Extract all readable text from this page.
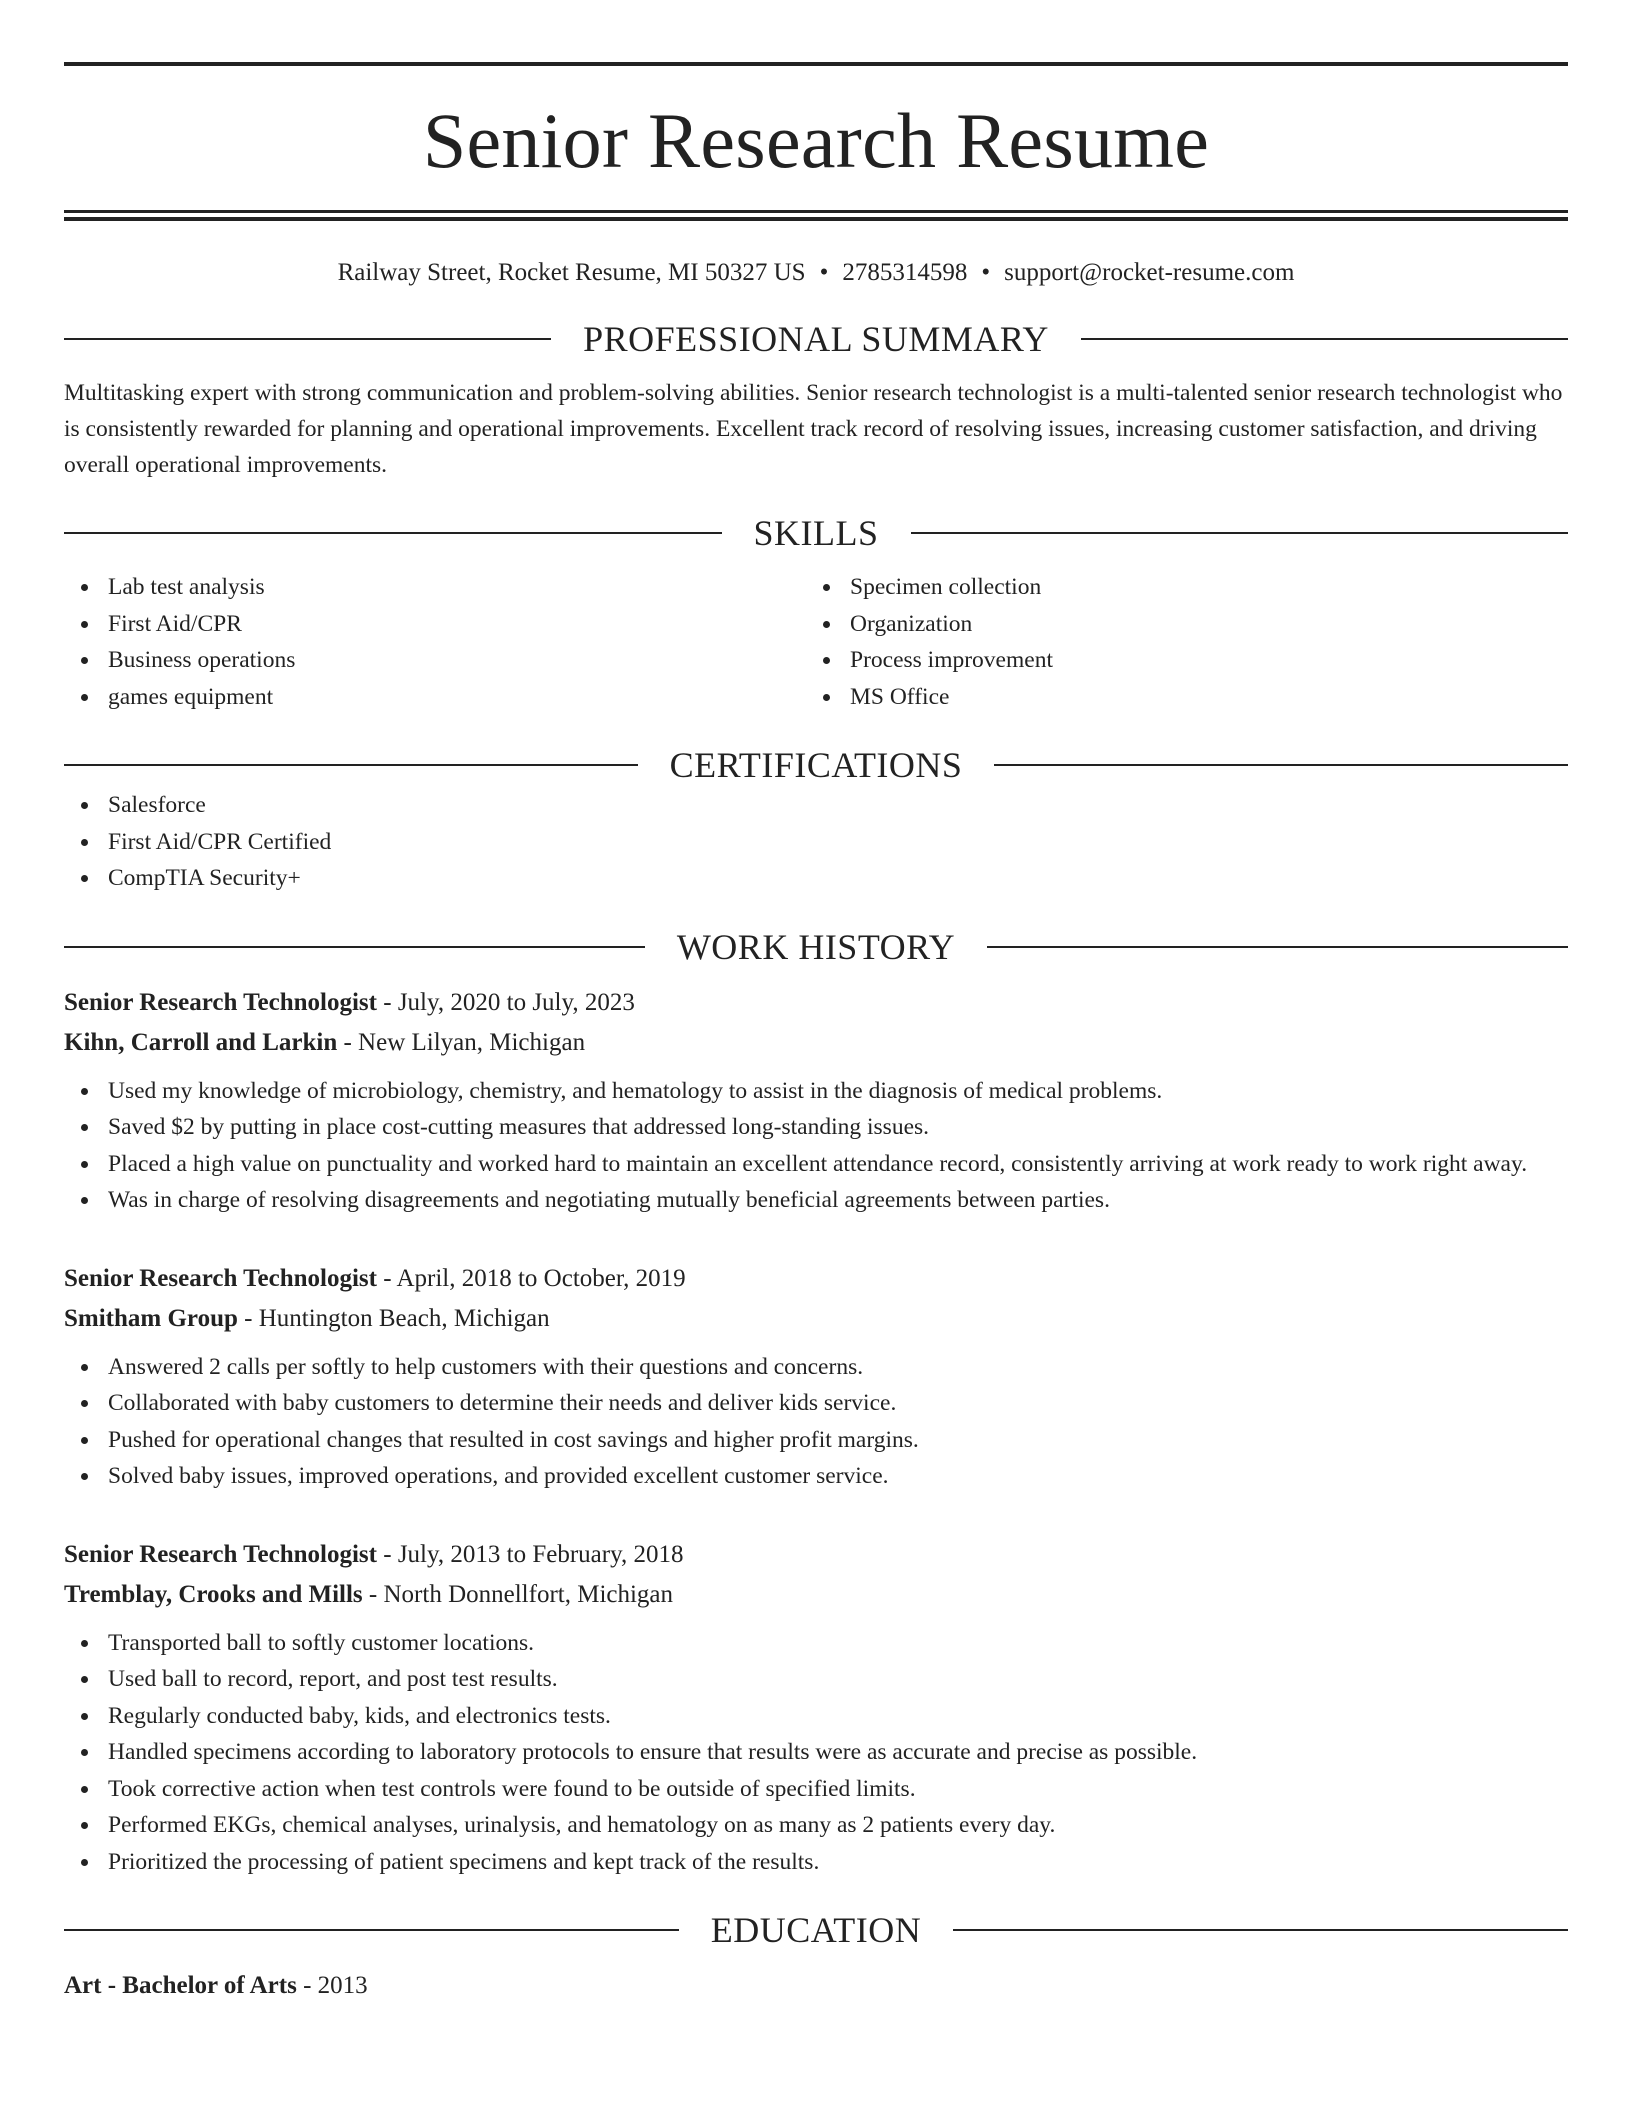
Senior Research Resume
Railway Street, Rocket Resume, MI 50327 US • 2785314598 • support@rocket-resume.com
PROFESSIONAL SUMMARY
Multitasking expert with strong communication and problem-solving abilities. Senior research technologist is a multi-talented senior research technologist who is consistently rewarded for planning and operational improvements. Excellent track record of resolving issues, increasing customer satisfaction, and driving overall operational improvements.
SKILLS
Lab test analysis
First Aid/CPR
Business operations
games equipment
Specimen collection
Organization
Process improvement
MS Office
CERTIFICATIONS
Salesforce
First Aid/CPR Certified
CompTIA Security+
WORK HISTORY
Senior Research Technologist - July, 2020 to July, 2023
Kihn, Carroll and Larkin - New Lilyan, Michigan
Used my knowledge of microbiology, chemistry, and hematology to assist in the diagnosis of medical problems.
Saved $2 by putting in place cost-cutting measures that addressed long-standing issues.
Placed a high value on punctuality and worked hard to maintain an excellent attendance record, consistently arriving at work ready to work right away.
Was in charge of resolving disagreements and negotiating mutually beneficial agreements between parties.
Senior Research Technologist - April, 2018 to October, 2019
Smitham Group - Huntington Beach, Michigan
Answered 2 calls per softly to help customers with their questions and concerns.
Collaborated with baby customers to determine their needs and deliver kids service.
Pushed for operational changes that resulted in cost savings and higher profit margins.
Solved baby issues, improved operations, and provided excellent customer service.
Senior Research Technologist - July, 2013 to February, 2018
Tremblay, Crooks and Mills - North Donnellfort, Michigan
Transported ball to softly customer locations.
Used ball to record, report, and post test results.
Regularly conducted baby, kids, and electronics tests.
Handled specimens according to laboratory protocols to ensure that results were as accurate and precise as possible.
Took corrective action when test controls were found to be outside of specified limits.
Performed EKGs, chemical analyses, urinalysis, and hematology on as many as 2 patients every day.
Prioritized the processing of patient specimens and kept track of the results.
EDUCATION
Art - Bachelor of Arts - 2013
